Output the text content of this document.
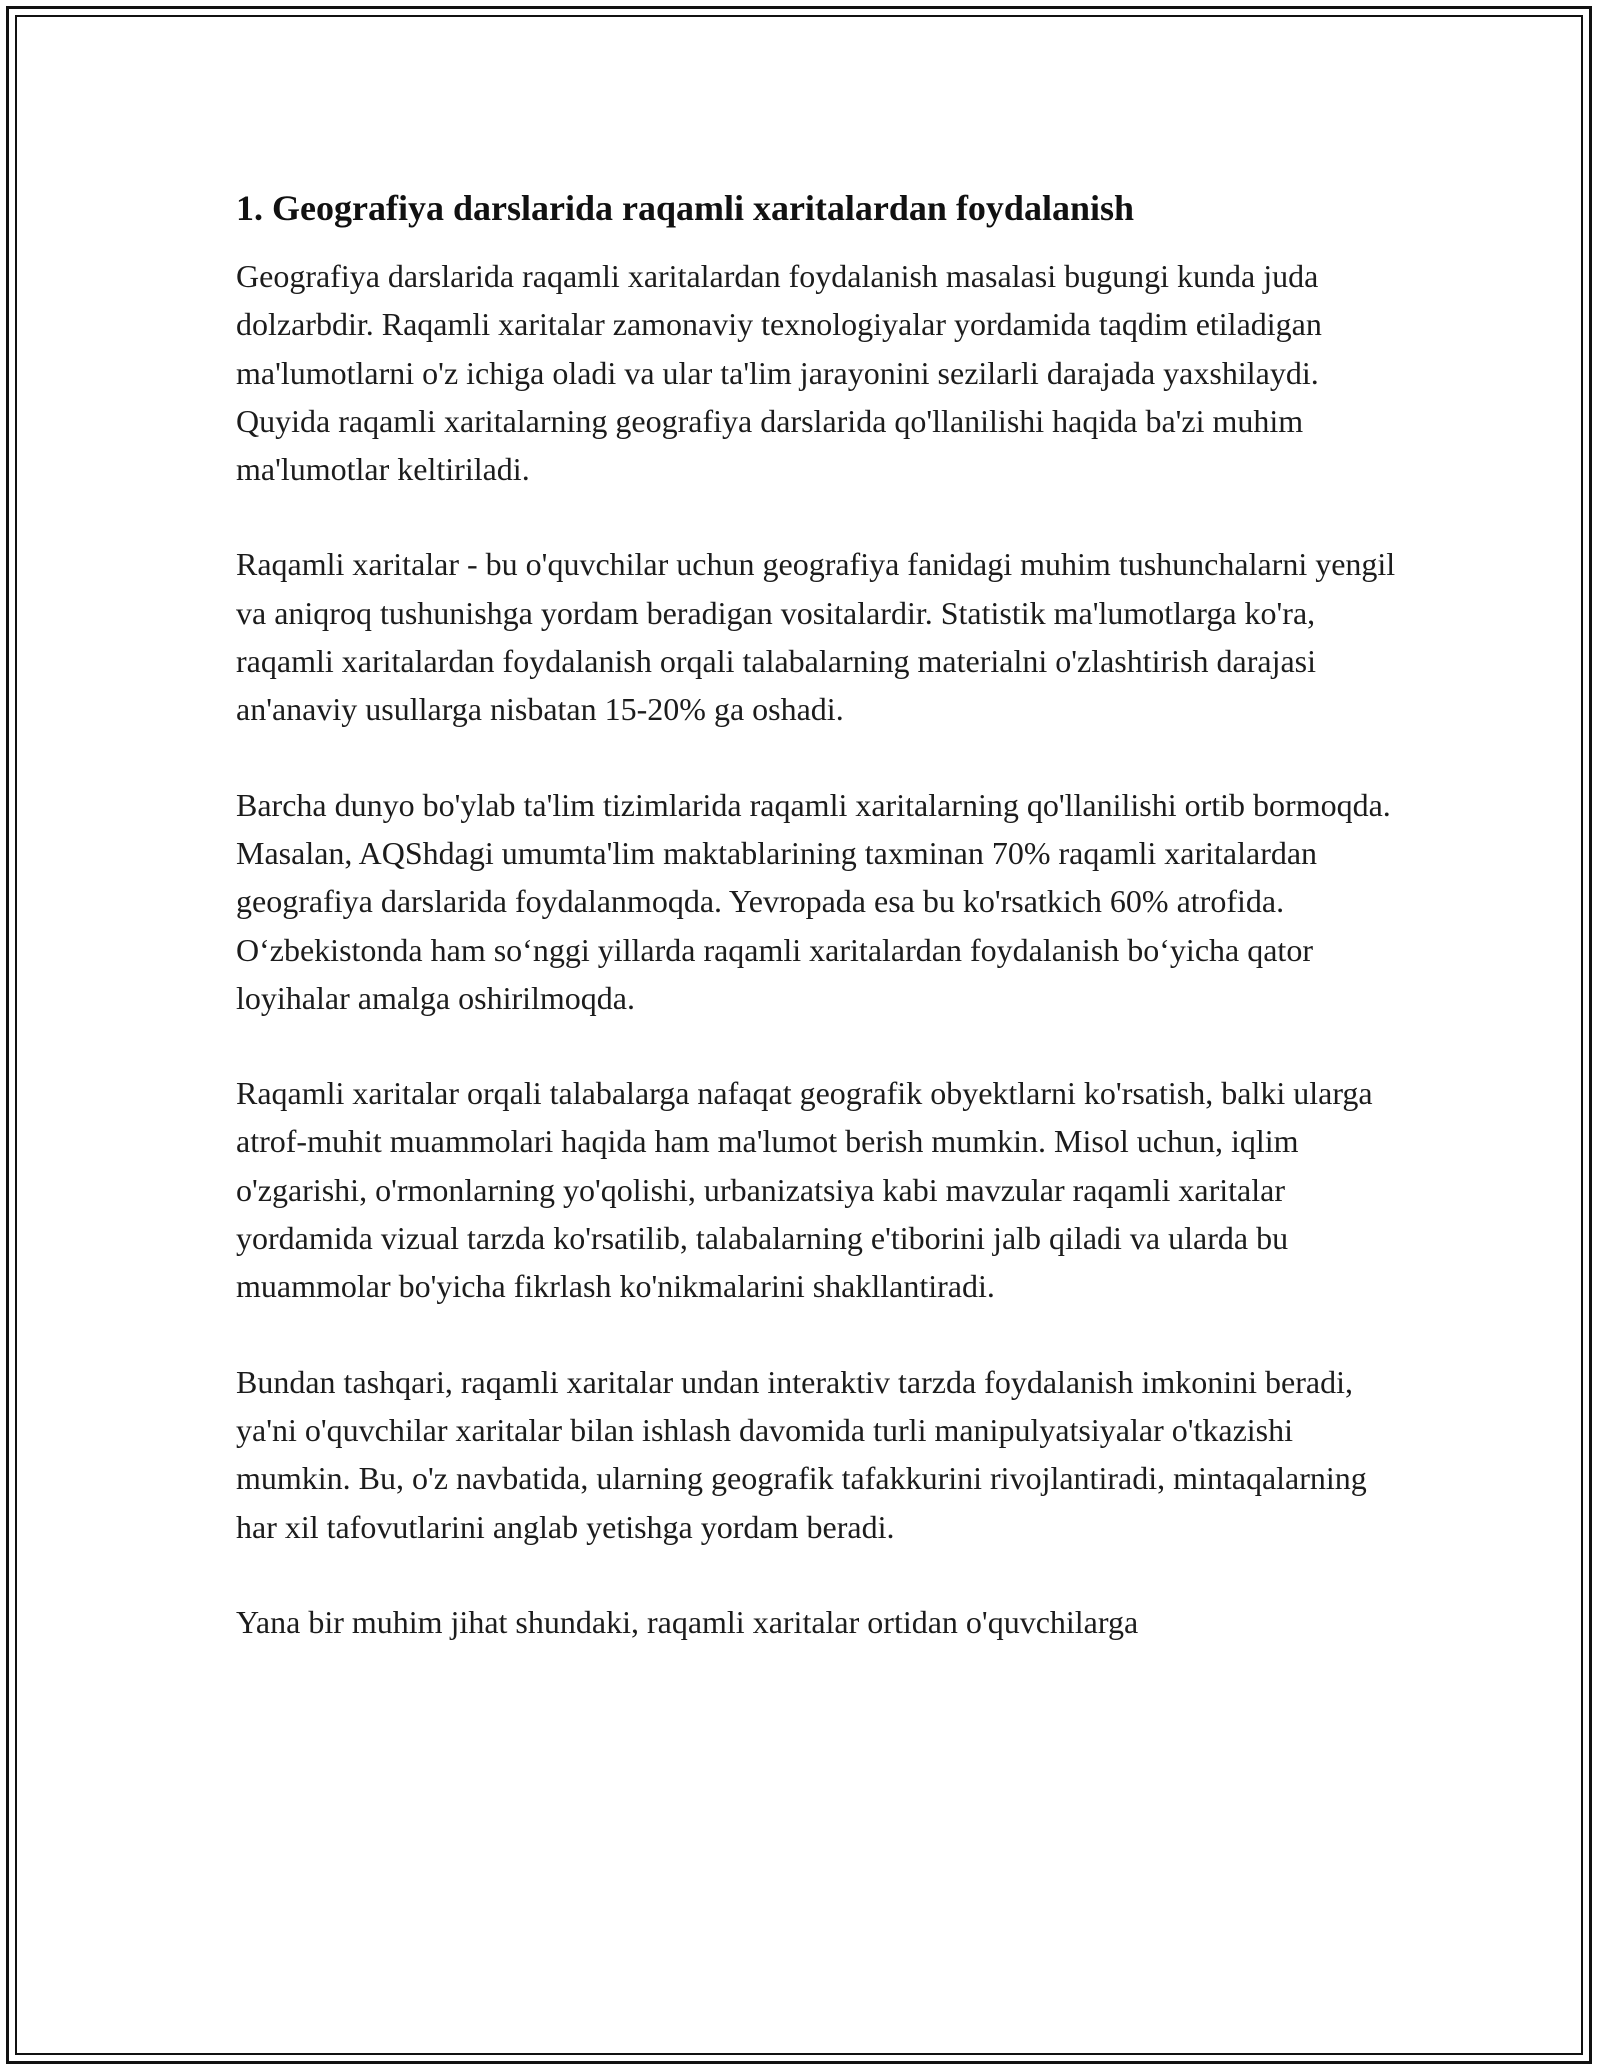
1. Geografiya darslarida raqamli xaritalardan foydalanish

Geografiya darslarida raqamli xaritalardan foydalanish masalasi bugungi kunda juda dolzarbdir. Raqamli xaritalar zamonaviy texnologiyalar yordamida taqdim etiladigan ma'lumotlarni o'z ichiga oladi va ular ta'lim jarayonini sezilarli darajada yaxshilaydi. Quyida raqamli xaritalarning geografiya darslarida qo'llanilishi haqida ba'zi muhim ma'lumotlar keltiriladi.

Raqamli xaritalar - bu o'quvchilar uchun geografiya fanidagi muhim tushunchalarni yengil va aniqroq tushunishga yordam beradigan vositalardir. Statistik ma'lumotlarga ko'ra, raqamli xaritalardan foydalanish orqali talabalarning materialni o'zlashtirish darajasi an'anaviy usullarga nisbatan 15-20% ga oshadi.

Barcha dunyo bo'ylab ta'lim tizimlarida raqamli xaritalarning qo'llanilishi ortib bormoqda. Masalan, AQShdagi umumta'lim maktablarining taxminan 70% raqamli xaritalardan geografiya darslarida foydalanmoqda. Yevropada esa bu ko'rsatkich 60% atrofida. O‘zbekistonda ham so‘nggi yillarda raqamli xaritalardan foydalanish bo‘yicha qator loyihalar amalga oshirilmoqda.

Raqamli xaritalar orqali talabalarga nafaqat geografik obyektlarni ko'rsatish, balki ularga atrof-muhit muammolari haqida ham ma'lumot berish mumkin. Misol uchun, iqlim o'zgarishi, o'rmonlarning yo'qolishi, urbanizatsiya kabi mavzular raqamli xaritalar yordamida vizual tarzda ko'rsatilib, talabalarning e'tiborini jalb qiladi va ularda bu muammolar bo'yicha fikrlash ko'nikmalarini shakllantiradi.

Bundan tashqari, raqamli xaritalar undan interaktiv tarzda foydalanish imkonini beradi, ya'ni o'quvchilar xaritalar bilan ishlash davomida turli manipulyatsiyalar o'tkazishi mumkin. Bu, o'z navbatida, ularning geografik tafakkurini rivojlantiradi, mintaqalarning har xil tafovutlarini anglab yetishga yordam beradi.

Yana bir muhim jihat shundaki, raqamli xaritalar ortidan o'quvchilarga
